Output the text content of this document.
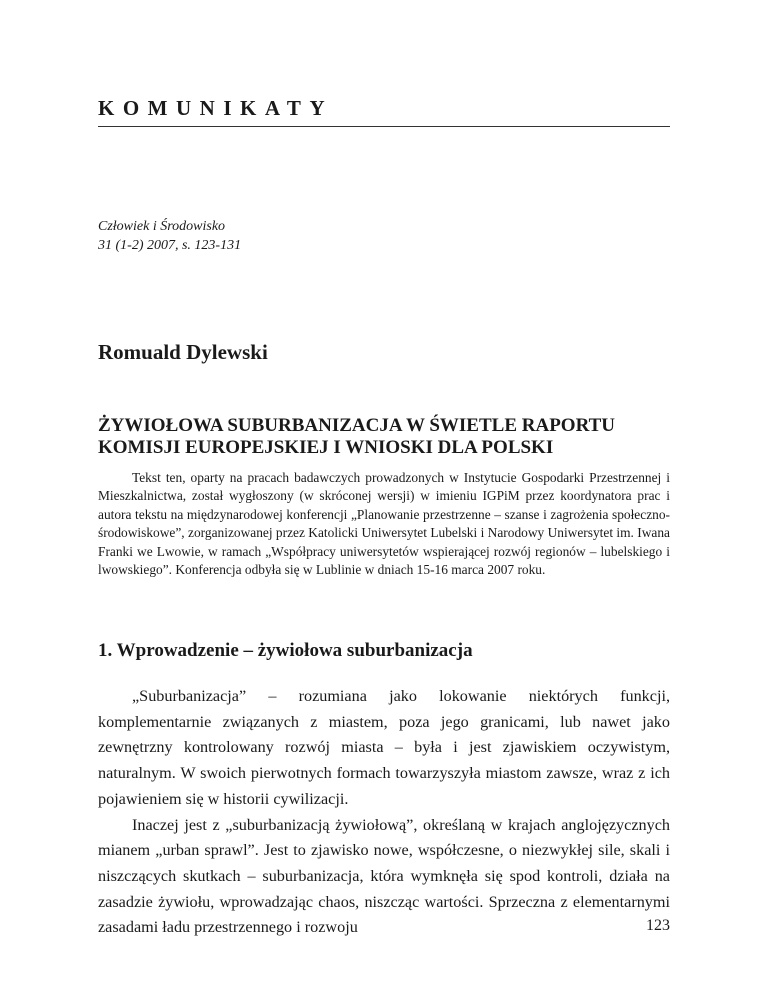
KOMUNIKATY
Człowiek i Środowisko
31 (1-2) 2007, s. 123-131
Romuald Dylewski
ŻYWIOŁOWA SUBURBANIZACJA W ŚWIETLE RAPORTU
KOMISJI EUROPEJSKIEJ I WNIOSKI DLA POLSKI

Tekst ten, oparty na pracach badawczych prowadzonych w Instytucie Gospodarki Przestrzennej i Mieszkalnictwa, został wygłoszony (w skróconej wersji) w imieniu IGPiM przez koordynatora prac i autora tekstu na międzynarodowej konferencji „Planowanie przestrzenne – szanse i zagrożenia społeczno-środowiskowe”, zorganizowanej przez Katolicki Uniwersytet Lubelski i Narodowy Uniwersytet im. Iwana Franki we Lwowie, w ramach „Współpracy uniwersytetów wspierającej rozwój regionów – lubelskiego i lwowskiego”. Konferencja odbyła się w Lublinie w dniach 15-16 marca 2007 roku.

1. Wprowadzenie – żywiołowa suburbanizacja

„Suburbanizacja” – rozumiana jako lokowanie niektórych funkcji, komplementarnie związanych z miastem, poza jego granicami, lub nawet jako zewnętrzny kontrolowany rozwój miasta – była i jest zjawiskiem oczywistym, naturalnym. W swoich pierwotnych formach towarzyszyła miastom zawsze, wraz z ich pojawieniem się w historii cywilizacji.

Inaczej jest z „suburbanizacją żywiołową”, określaną w krajach anglojęzycznych mianem „urban sprawl”. Jest to zjawisko nowe, współczesne, o niezwykłej sile, skali i niszczących skutkach – suburbanizacja, która wymknęła się spod kontroli, działa na zasadzie żywiołu, wprowadzając chaos, niszcząc wartości. Sprzeczna z elementarnymi zasadami ładu przestrzennego i rozwoju	123
